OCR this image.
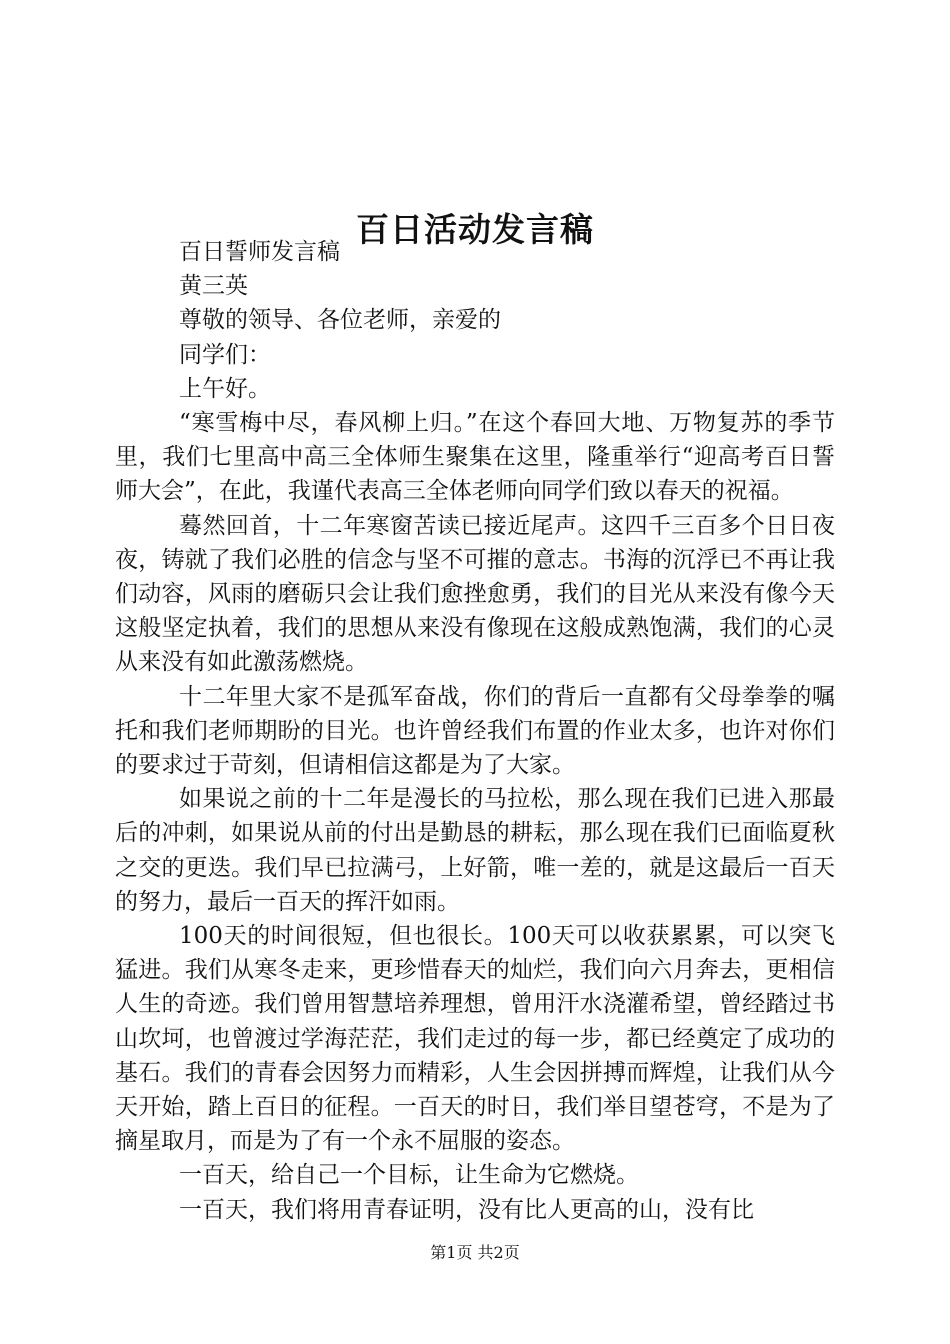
百日活动发言稿

百日誓师发言稿

黄三英

尊敬的领导、各位老师，亲爱的

同学们：

上午好。

“寒雪梅中尽，春风柳上归。”在这个春回大地、万物复苏的季节里，我们七里高中高三全体师生聚集在这里，隆重举行“迎高考百日誓师大会”，在此，我谨代表高三全体老师向同学们致以春天的祝福。

蓦然回首，十二年寒窗苦读已接近尾声。这四千三百多个日日夜夜，铸就了我们必胜的信念与坚不可摧的意志。书海的沉浮已不再让我们动容，风雨的磨砺只会让我们愈挫愈勇，我们的目光从来没有像今天这般坚定执着，我们的思想从来没有像现在这般成熟饱满，我们的心灵从来没有如此激荡燃烧。

十二年里大家不是孤军奋战，你们的背后一直都有父母拳拳的嘱托和我们老师期盼的目光。也许曾经我们布置的作业太多，也许对你们的要求过于苛刻，但请相信这都是为了大家。

如果说之前的十二年是漫长的马拉松，那么现在我们已进入那最后的冲刺，如果说从前的付出是勤恳的耕耘，那么现在我们已面临夏秋之交的更迭。我们早已拉满弓，上好箭，唯一差的，就是这最后一百天的努力，最后一百天的挥汗如雨。

100天的时间很短，但也很长。100天可以收获累累，可以突飞猛进。我们从寒冬走来，更珍惜春天的灿烂，我们向六月奔去，更相信人生的奇迹。我们曾用智慧培养理想，曾用汗水浇灌希望，曾经踏过书山坎坷，也曾渡过学海茫茫，我们走过的每一步，都已经奠定了成功的基石。我们的青春会因努力而精彩，人生会因拼搏而辉煌，让我们从今天开始，踏上百日的征程。一百天的时日，我们举目望苍穹，不是为了摘星取月，而是为了有一个永不屈服的姿态。

一百天，给自己一个目标，让生命为它燃烧。

一百天，我们将用青春证明，没有比人更高的山，没有比

第1页 共2页
